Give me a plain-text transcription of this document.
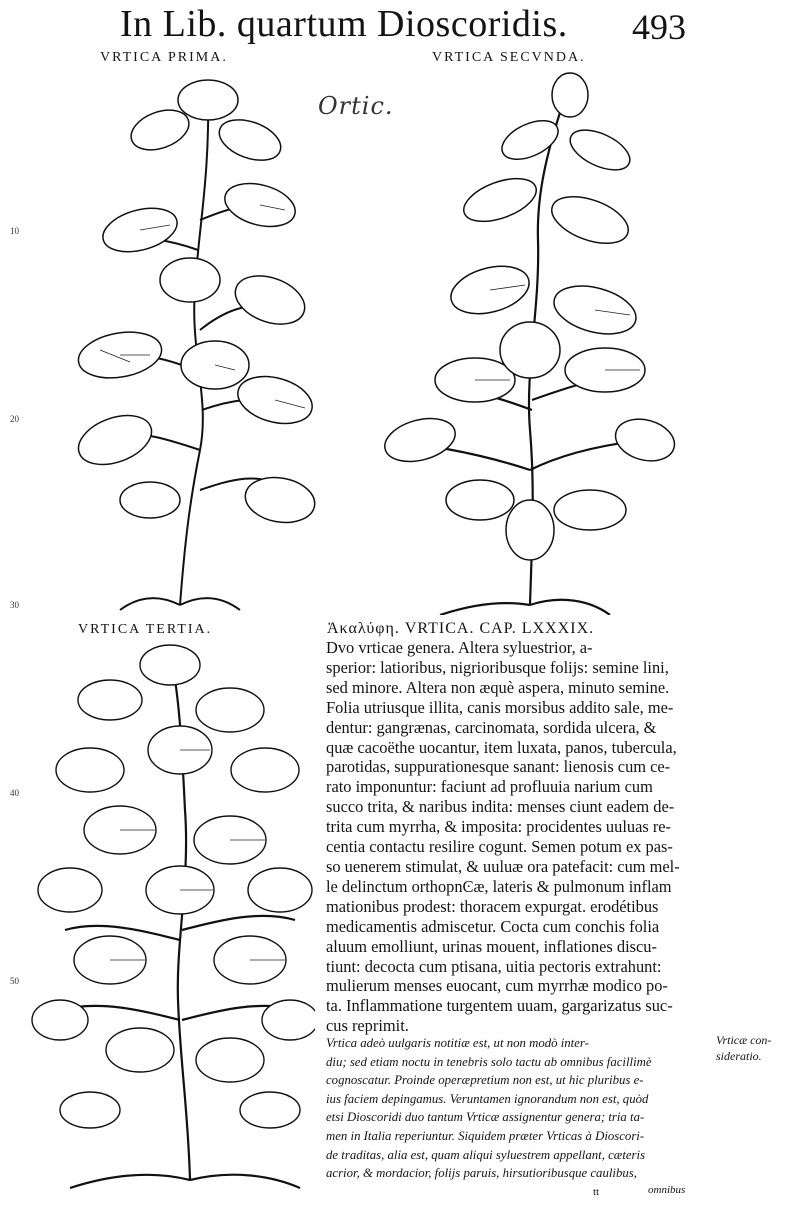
In Lib. quartum Dioscoridis. 493
VRTICA PRIMA.	VRTICA SECVNDA.
VRTICA TERTIA.
Ortic.
10
20
30
40
50
Ἀκαλύφη. VRTICA. CAP. LXXXIX.
Dvo vrticae genera. Altera syluestrior, a-
sperior: latioribus, nigrioribusque folijs: semine lini,
sed minore. Altera non æquè aspera, minuto semine.
Folia utriusque illita, canis morsibus addito sale, me-
dentur: gangrænas, carcinomata, sordida ulcera, &
quæ cacoëthe uocantur, item luxata, panos, tubercula,
parotidas, suppurationesque sanant: lienosis cum ce-
rato imponuntur: faciunt ad profluuia narium cum
succo trita, & naribus indita: menses ciunt eadem de-
trita cum myrrha, & imposita: procidentes uuluas re-
centia contactu resilire cogunt. Semen potum ex pas-
so uenerem stimulat, & uuluæ ora patefacit: cum mel-
le delinctum orthopnϾæ, lateris & pulmonum inflam
mationibus prodest: thoracem expurgat. erodétibus
medicamentis admiscetur. Cocta cum conchis folia
aluum emolliunt, urinas mouent, inflationes discu-
tiunt: decocta cum ptisana, uitia pectoris extrahunt:
mulierum menses euocant, cum myrrhæ modico po-
ta. Inflammatione turgentem uuam, gargarizatus suc-
cus reprimit.
Vrtica adeò uulgaris notitiæ est, ut non modò inter-
diu; sed etiam noctu in tenebris solo tactu ab omnibus facillimè
cognoscatur. Proinde operæpretium non est, ut hic pluribus e-
ius faciem depingamus. Veruntamen ignorandum non est, quòd
etsi Dioscoridi duo tantum Vrticæ assignentur genera; tria ta-
men in Italia reperiuntur. Siquidem præter Vrticas à Dioscori-
de traditas, alia est, quam aliqui syluestrem appellant, cæteris
acrior, & mordacior, folijs paruis, hirsutioribusque caulibus,
Vrticæ con-
sideratio.
tt	omnibus
